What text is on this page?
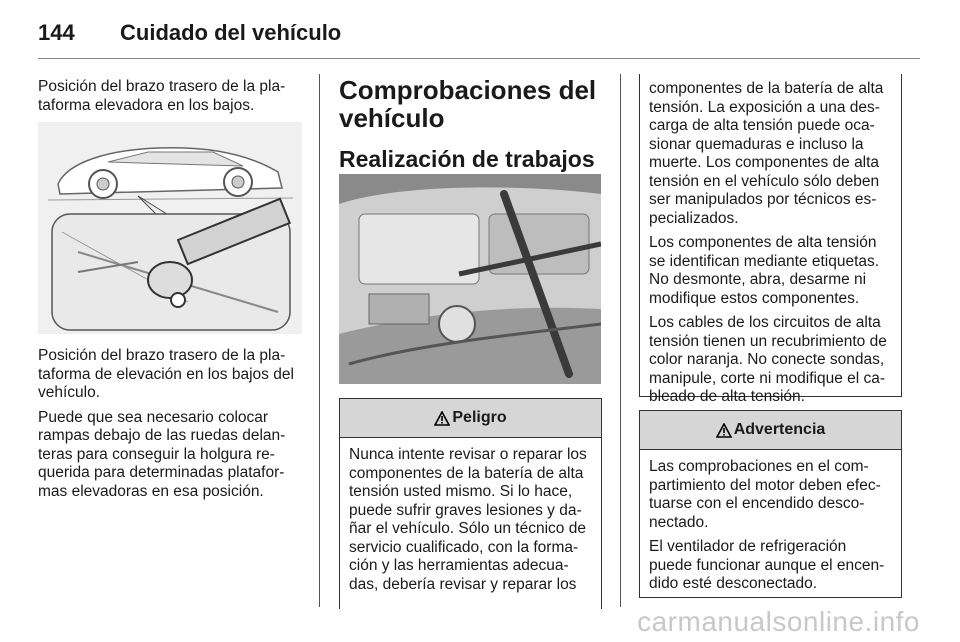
144 Cuidado del vehículo

Posición del brazo trasero de la pla-taforma elevadora en los bajos.

Posición del brazo trasero de la pla-taforma de elevación en los bajos del vehículo.

Puede que sea necesario colocar rampas debajo de las ruedas delan-teras para conseguir la holgura re-querida para determinadas platafor-mas elevadoras en esa posición.

Comprobaciones del vehículo
Realización de trabajos
Peligro

Nunca intente revisar o reparar los componentes de la batería de alta tensión usted mismo. Si lo hace, puede sufrir graves lesiones y da-ñar el vehículo. Sólo un técnico de servicio cualificado, con la forma-ción y las herramientas adecua-das, debería revisar y reparar los

componentes de la batería de alta tensión. La exposición a una des-carga de alta tensión puede oca-sionar quemaduras e incluso la muerte. Los componentes de alta tensión en el vehículo sólo deben ser manipulados por técnicos es-pecializados.

Los componentes de alta tensión se identifican mediante etiquetas. No desmonte, abra, desarme ni modifique estos componentes.

Los cables de los circuitos de alta tensión tienen un recubrimiento de color naranja. No conecte sondas, manipule, corte ni modifique el ca-bleado de alta tensión.

Advertencia

Las comprobaciones en el com-partimiento del motor deben efec-tuarse con el encendido desco-nectado.

El ventilador de refrigeración puede funcionar aunque el encen-dido esté desconectado.

carmanualsonline.info
